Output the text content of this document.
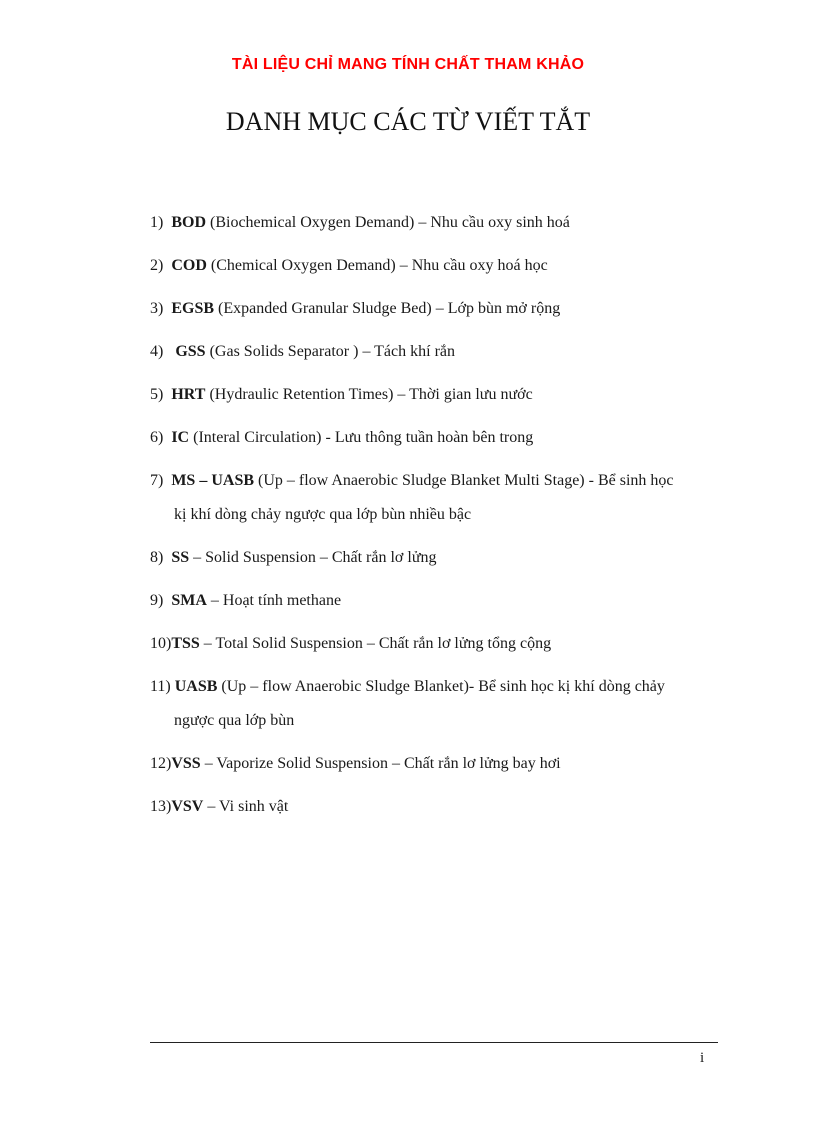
TÀI LIỆU CHỈ MANG TÍNH CHẤT THAM KHẢO
DANH MỤC CÁC TỪ VIẾT TẮT
1) BOD (Biochemical Oxygen Demand) – Nhu cầu oxy sinh hoá
2) COD (Chemical Oxygen Demand) – Nhu cầu oxy hoá học
3) EGSB (Expanded Granular Sludge Bed) – Lớp bùn mở rộng
4) GSS (Gas Solids Separator ) – Tách khí rắn
5) HRT (Hydraulic Retention Times) – Thời gian lưu nước
6) IC (Interal Circulation) - Lưu thông tuần hoàn bên trong
7) MS – UASB (Up – flow Anaerobic Sludge Blanket Multi Stage) - Bể sinh học
kị khí dòng chảy ngược qua lớp bùn nhiều bậc
8) SS – Solid Suspension – Chất rắn lơ lửng
9) SMA – Hoạt tính methane
10)TSS – Total Solid Suspension – Chất rắn lơ lửng tổng cộng
11) UASB (Up – flow Anaerobic Sludge Blanket)- Bể sinh học kị khí dòng chảy
ngược qua lớp bùn
12)VSS – Vaporize Solid Suspension – Chất rắn lơ lửng bay hơi
13)VSV – Vi sinh vật
i
